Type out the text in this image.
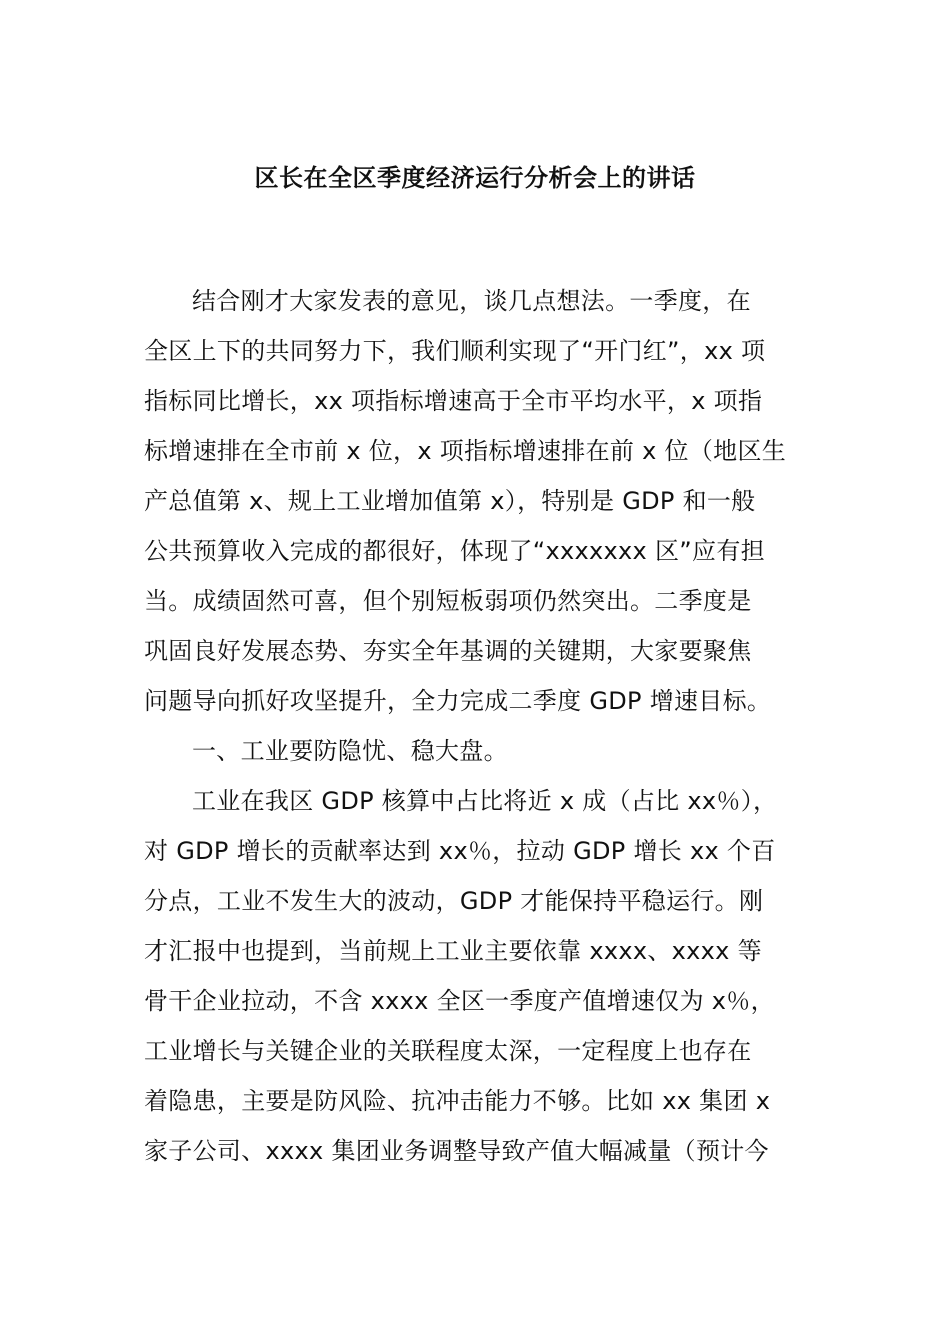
区长在全区季度经济运行分析会上的讲话
结合刚才大家发表的意见，谈几点想法。一季度，在
全区上下的共同努力下，我们顺利实现了“开门红”，xx 项
指标同比增长，xx 项指标增速高于全市平均水平，x 项指
标增速排在全市前 x 位，x 项指标增速排在前 x 位（地区生
产总值第 x、规上工业增加值第 x），特别是 GDP 和一般
公共预算收入完成的都很好，体现了“xxxxxxx 区”应有担
当。成绩固然可喜，但个别短板弱项仍然突出。二季度是
巩固良好发展态势、夯实全年基调的关键期，大家要聚焦
问题导向抓好攻坚提升，全力完成二季度 GDP 增速目标。
一、工业要防隐忧、稳大盘。
工业在我区 GDP 核算中占比将近 x 成（占比 xx％），
对 GDP 增长的贡献率达到 xx％，拉动 GDP 增长 xx 个百
分点，工业不发生大的波动，GDP 才能保持平稳运行。刚
才汇报中也提到，当前规上工业主要依靠 xxxx、xxxx 等
骨干企业拉动，不含 xxxx 全区一季度产值增速仅为 x％，
工业增长与关键企业的关联程度太深，一定程度上也存在
着隐患，主要是防风险、抗冲击能力不够。比如 xx 集团 x
家子公司、xxxx 集团业务调整导致产值大幅减量（预计今
